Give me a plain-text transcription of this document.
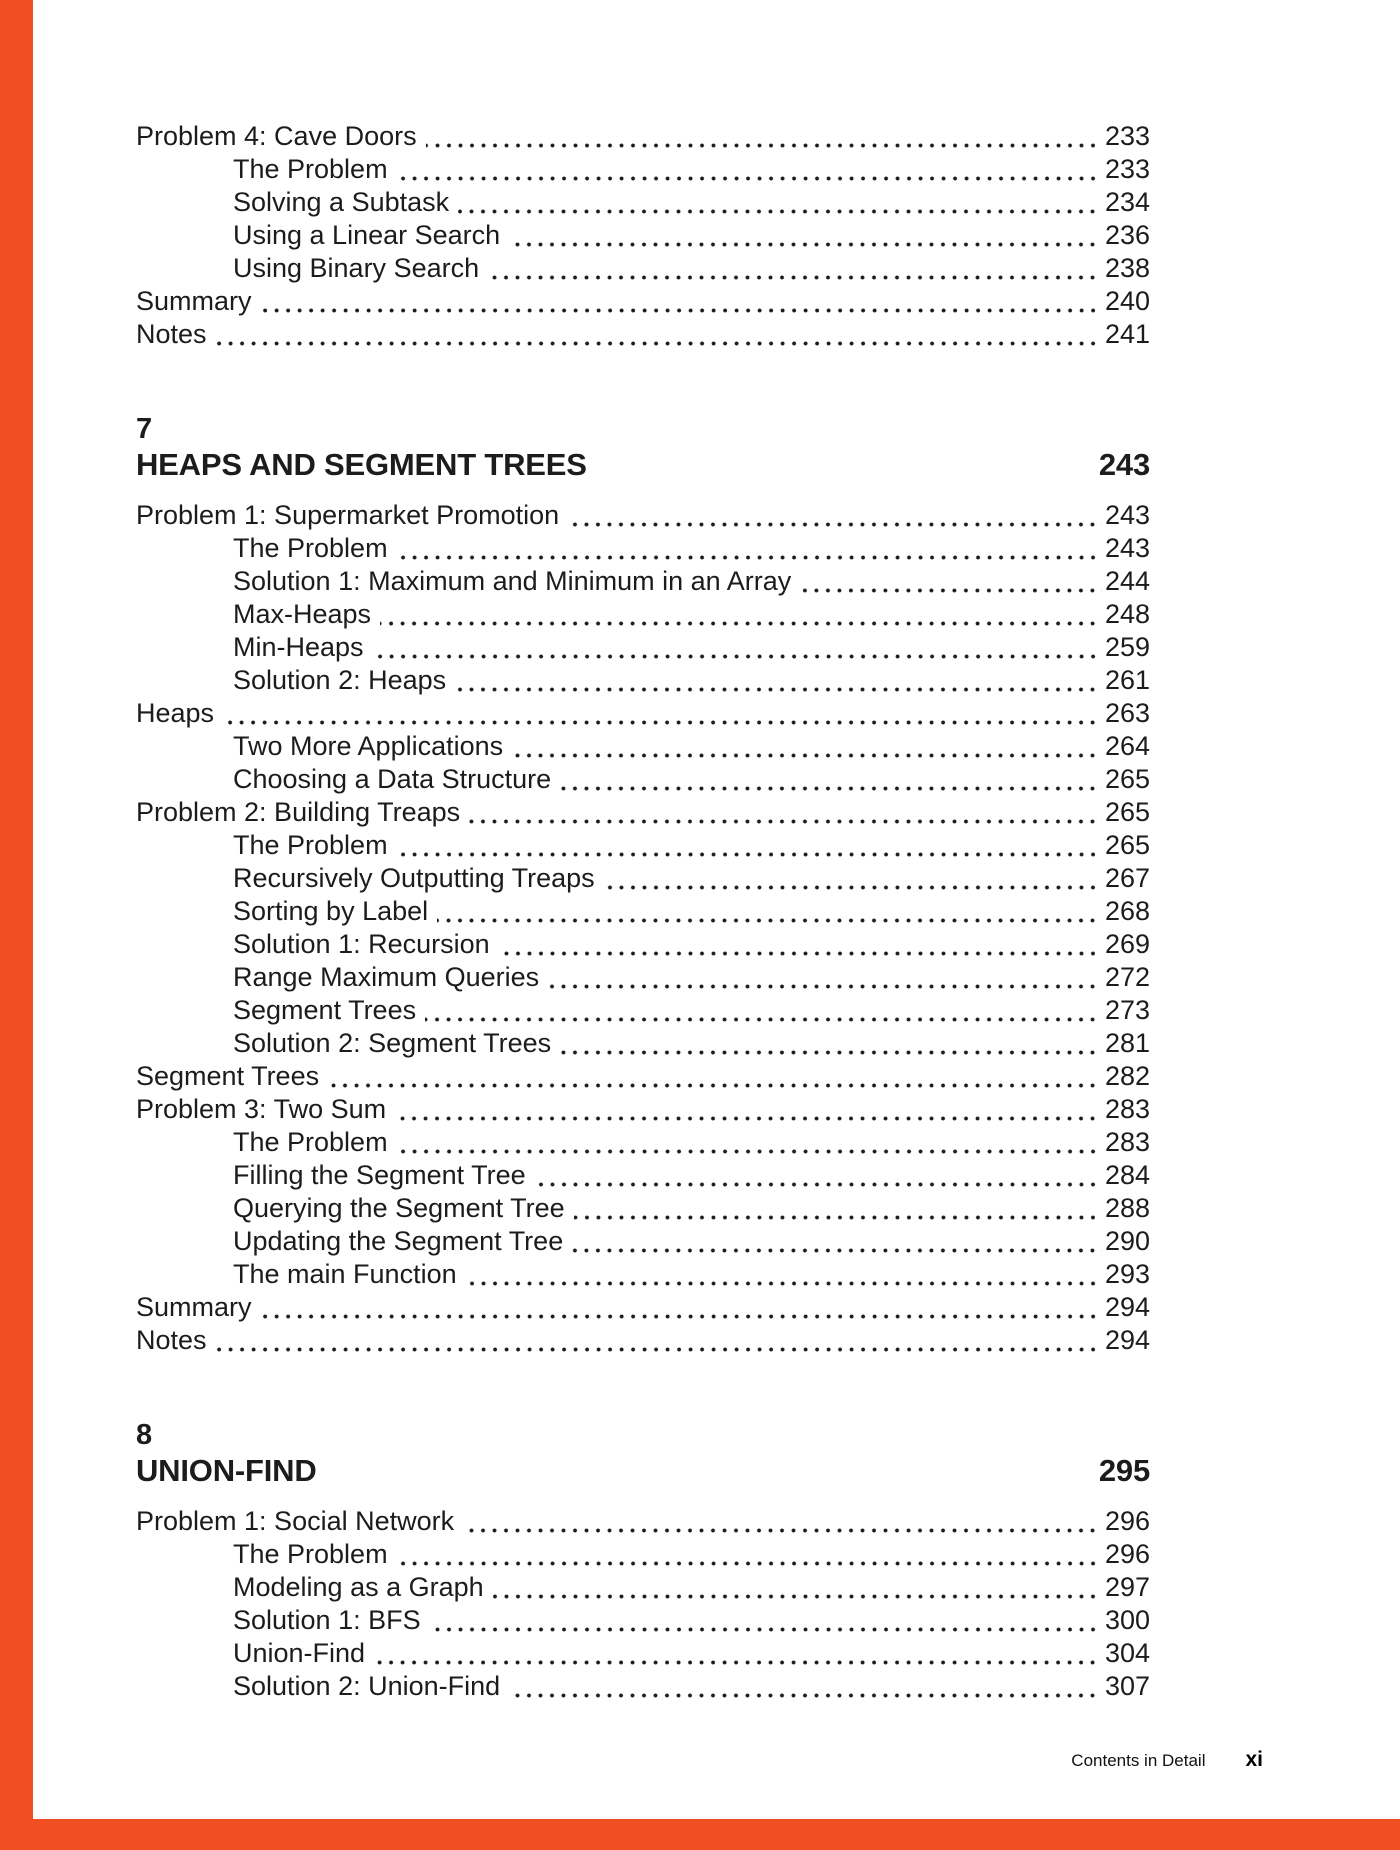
Problem 4: Cave Doors	233
The Problem	233
Solving a Subtask	234
Using a Linear Search	236
Using Binary Search	238
Summary	240
Notes	241
7
HEAPS AND SEGMENT TREES	243
Problem 1: Supermarket Promotion	243
The Problem	243
Solution 1: Maximum and Minimum in an Array	244
Max-Heaps	248
Min-Heaps	259
Solution 2: Heaps	261
Heaps	263
Two More Applications	264
Choosing a Data Structure	265
Problem 2: Building Treaps	265
The Problem	265
Recursively Outputting Treaps	267
Sorting by Label	268
Solution 1: Recursion	269
Range Maximum Queries	272
Segment Trees	273
Solution 2: Segment Trees	281
Segment Trees	282
Problem 3: Two Sum	283
The Problem	283
Filling the Segment Tree	284
Querying the Segment Tree	288
Updating the Segment Tree	290
The main Function	293
Summary	294
Notes	294
8
UNION-FIND	295
Problem 1: Social Network	296
The Problem	296
Modeling as a Graph	297
Solution 1: BFS	300
Union-Find	304
Solution 2: Union-Find	307
Contents in Detail xi
